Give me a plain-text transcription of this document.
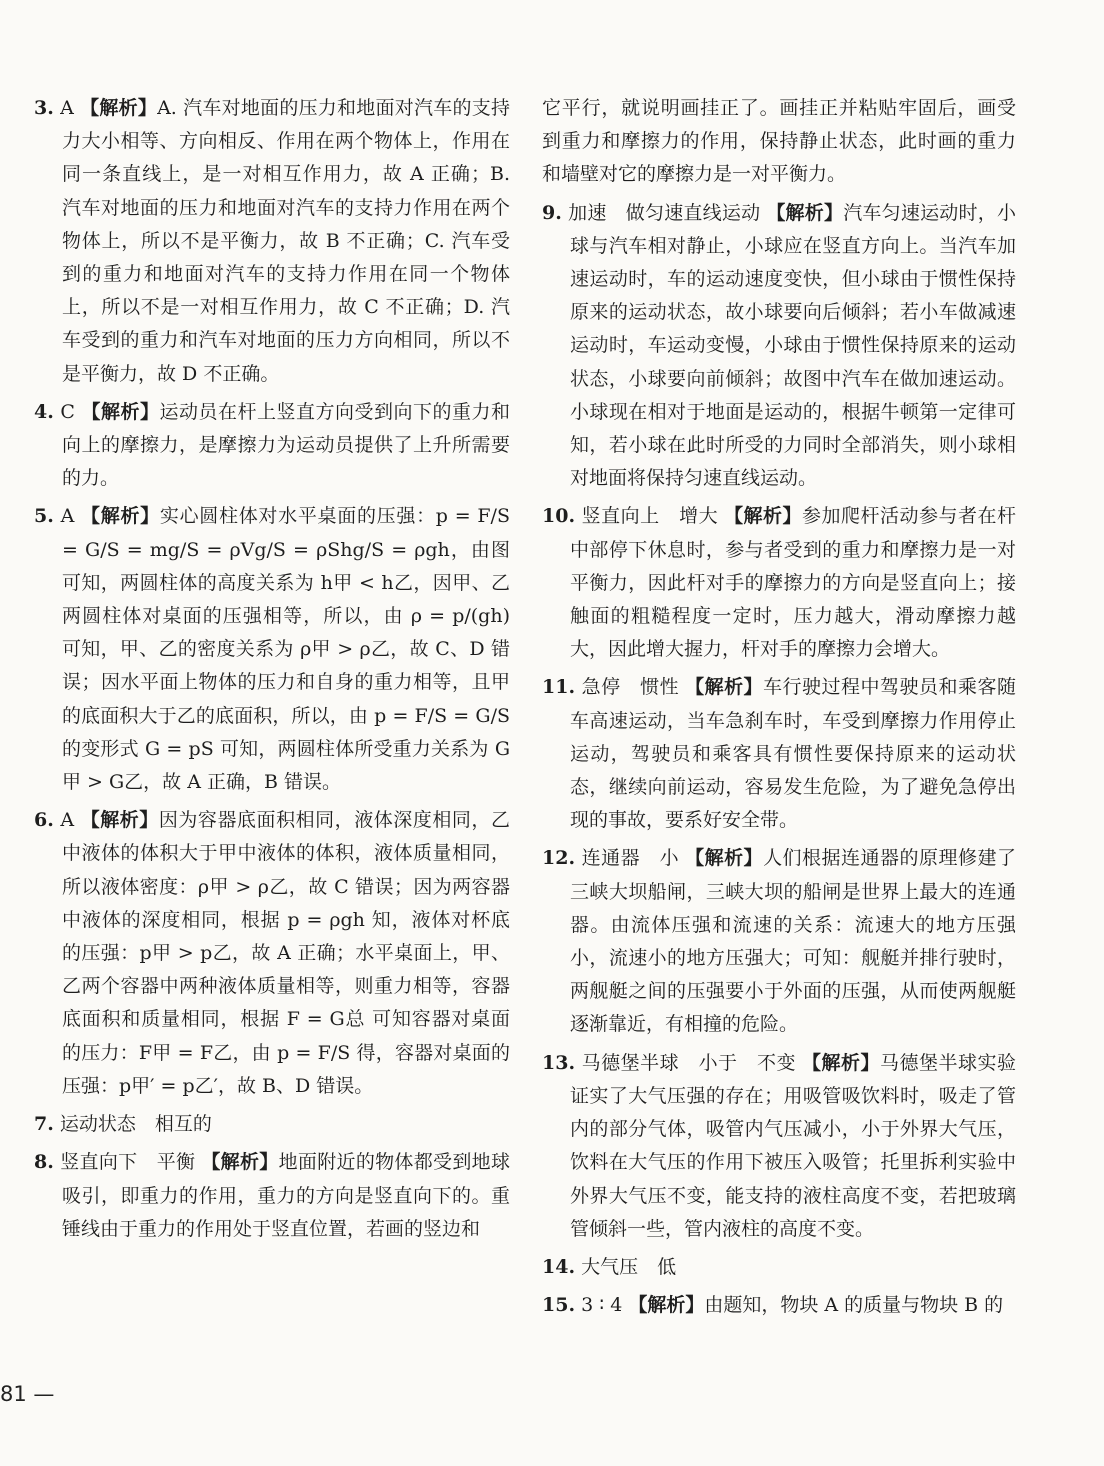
3. A 【解析】A. 汽车对地面的压力和地面对汽车的支持力大小相等、方向相反、作用在两个物体上，作用在同一条直线上，是一对相互作用力，故 A 正确；B. 汽车对地面的压力和地面对汽车的支持力作用在两个物体上，所以不是平衡力，故 B 不正确；C. 汽车受到的重力和地面对汽车的支持力作用在同一个物体上，所以不是一对相互作用力，故 C 不正确；D. 汽车受到的重力和汽车对地面的压力方向相同，所以不是平衡力，故 D 不正确。

4. C 【解析】运动员在杆上竖直方向受到向下的重力和向上的摩擦力，是摩擦力为运动员提供了上升所需要的力。

5. A 【解析】实心圆柱体对水平桌面的压强：p = F/S = G/S = mg/S = ρVg/S = ρShg/S = ρgh，由图可知，两圆柱体的高度关系为 h甲 < h乙，因甲、乙两圆柱体对桌面的压强相等，所以，由 ρ = p/(gh) 可知，甲、乙的密度关系为 ρ甲 > ρ乙，故 C、D 错误；因水平面上物体的压力和自身的重力相等，且甲的底面积大于乙的底面积，所以，由 p = F/S = G/S 的变形式 G = pS 可知，两圆柱体所受重力关系为 G甲 > G乙，故 A 正确，B 错误。

6. A 【解析】因为容器底面积相同，液体深度相同，乙中液体的体积大于甲中液体的体积，液体质量相同，所以液体密度：ρ甲 > ρ乙，故 C 错误；因为两容器中液体的深度相同，根据 p = ρgh 知，液体对杯底的压强：p甲 > p乙，故 A 正确；水平桌面上，甲、乙两个容器中两种液体质量相等，则重力相等，容器底面积和质量相同，根据 F = G总 可知容器对桌面的压力：F甲 = F乙，由 p = F/S 得，容器对桌面的压强：p甲′ = p乙′，故 B、D 错误。

7. 运动状态　相互的

8. 竖直向下　平衡 【解析】地面附近的物体都受到地球吸引，即重力的作用，重力的方向是竖直向下的。重锤线由于重力的作用处于竖直位置，若画的竖边和

它平行，就说明画挂正了。画挂正并粘贴牢固后，画受到重力和摩擦力的作用，保持静止状态，此时画的重力和墙壁对它的摩擦力是一对平衡力。

9. 加速　做匀速直线运动 【解析】汽车匀速运动时，小球与汽车相对静止，小球应在竖直方向上。当汽车加速运动时，车的运动速度变快，但小球由于惯性保持原来的运动状态，故小球要向后倾斜；若小车做减速运动时，车运动变慢，小球由于惯性保持原来的运动状态，小球要向前倾斜；故图中汽车在做加速运动。小球现在相对于地面是运动的，根据牛顿第一定律可知，若小球在此时所受的力同时全部消失，则小球相对地面将保持匀速直线运动。

10. 竖直向上　增大 【解析】参加爬杆活动参与者在杆中部停下休息时，参与者受到的重力和摩擦力是一对平衡力，因此杆对手的摩擦力的方向是竖直向上；接触面的粗糙程度一定时，压力越大，滑动摩擦力越大，因此增大握力，杆对手的摩擦力会增大。

11. 急停　惯性 【解析】车行驶过程中驾驶员和乘客随车高速运动，当车急刹车时，车受到摩擦力作用停止运动，驾驶员和乘客具有惯性要保持原来的运动状态，继续向前运动，容易发生危险，为了避免急停出现的事故，要系好安全带。

12. 连通器　小 【解析】人们根据连通器的原理修建了三峡大坝船闸，三峡大坝的船闸是世界上最大的连通器。由流体压强和流速的关系：流速大的地方压强小，流速小的地方压强大；可知：舰艇并排行驶时，两舰艇之间的压强要小于外面的压强，从而使两舰艇逐渐靠近，有相撞的危险。

13. 马德堡半球　小于　不变 【解析】马德堡半球实验证实了大气压强的存在；用吸管吸饮料时，吸走了管内的部分气体，吸管内气压减小，小于外界大气压，饮料在大气压的作用下被压入吸管；托里拆利实验中外界大气压不变，能支持的液柱高度不变，若把玻璃管倾斜一些，管内液柱的高度不变。

14. 大气压　低

15. 3 ∶ 4 【解析】由题知，物块 A 的质量与物块 B 的

81 —
